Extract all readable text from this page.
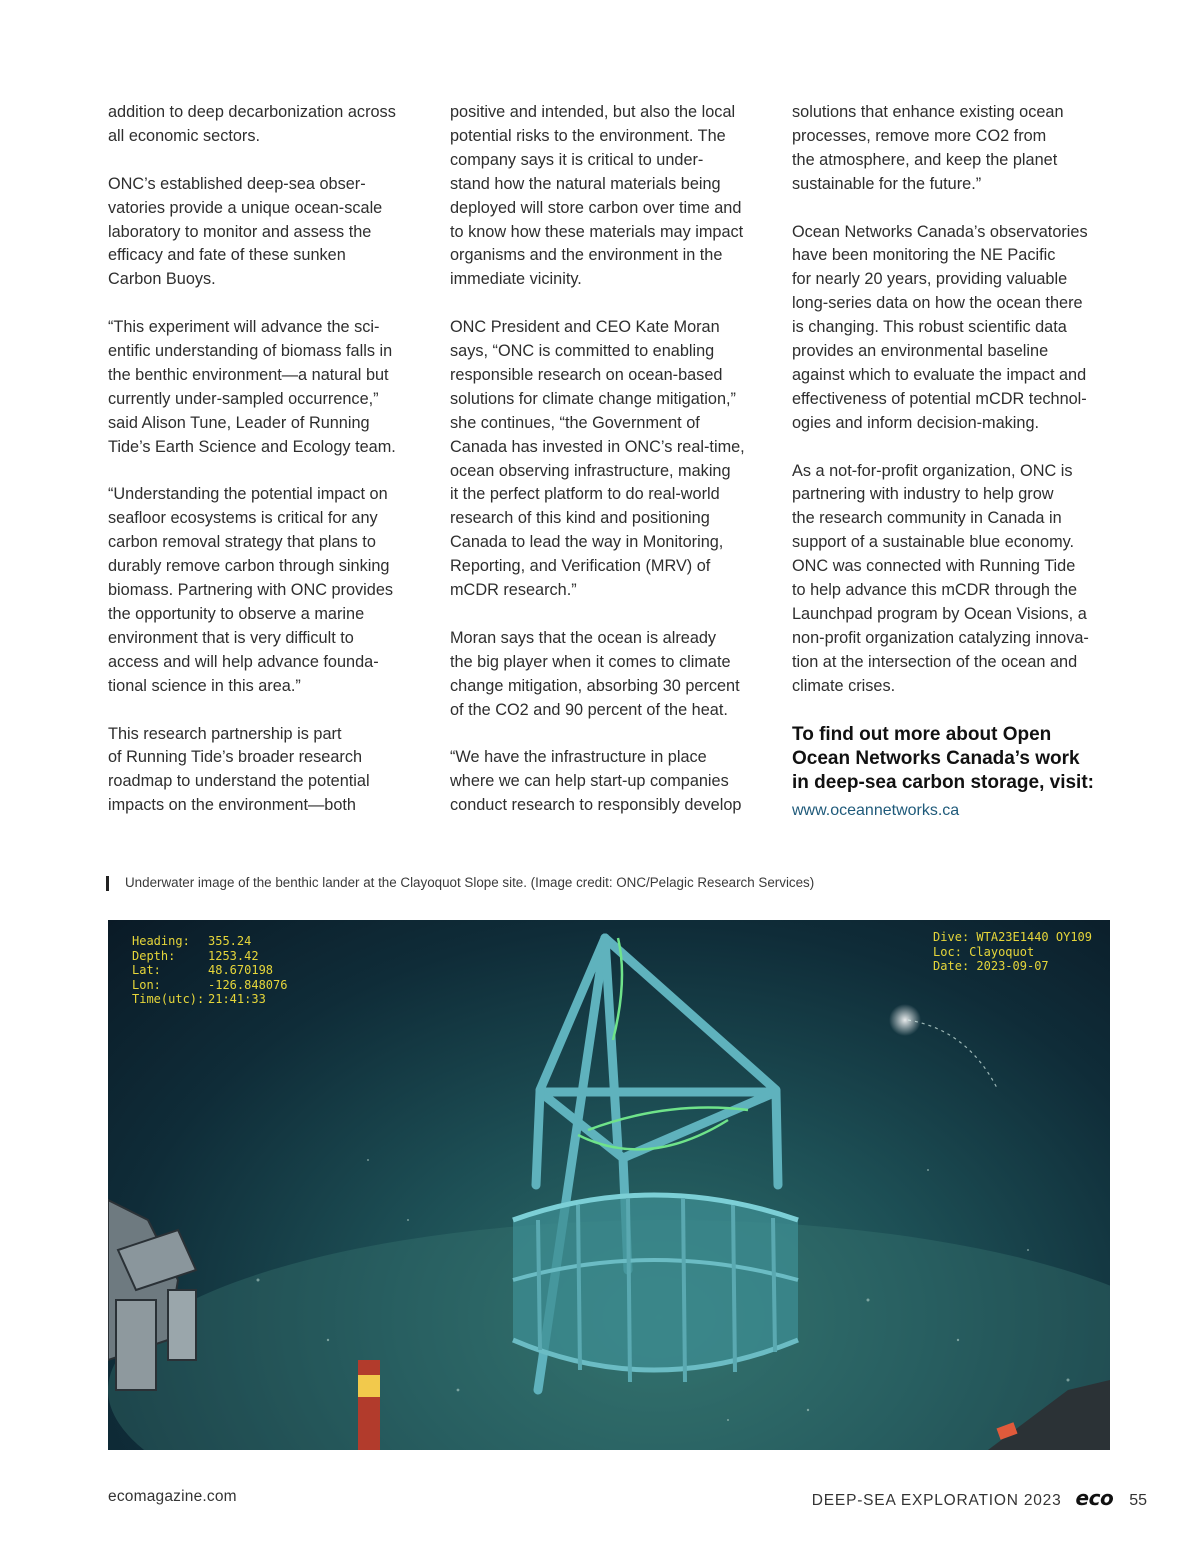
addition to deep decarbonization across
all economic sectors.

ONC’s established deep-sea obser-
vatories provide a unique ocean-scale
laboratory to monitor and assess the
efficacy and fate of these sunken
Carbon Buoys.

“This experiment will advance the sci-
entific understanding of biomass falls in
the benthic environment—a natural but
currently under-sampled occurrence,”
said Alison Tune, Leader of Running
Tide’s Earth Science and Ecology team.

“Understanding the potential impact on
seafloor ecosystems is critical for any
carbon removal strategy that plans to
durably remove carbon through sinking
biomass. Partnering with ONC provides
the opportunity to observe a marine
environment that is very difficult to
access and will help advance founda-
tional science in this area.”

This research partnership is part
of Running Tide’s broader research
roadmap to understand the potential
impacts on the environment—both

positive and intended, but also the local
potential risks to the environment. The
company says it is critical to under-
stand how the natural materials being
deployed will store carbon over time and
to know how these materials may impact
organisms and the environment in the
immediate vicinity.

ONC President and CEO Kate Moran
says, “ONC is committed to enabling
responsible research on ocean-based
solutions for climate change mitigation,”
she continues, “the Government of
Canada has invested in ONC’s real-time,
ocean observing infrastructure, making
it the perfect platform to do real-world
research of this kind and positioning
Canada to lead the way in Monitoring,
Reporting, and Verification (MRV) of
mCDR research.”

Moran says that the ocean is already
the big player when it comes to climate
change mitigation, absorbing 30 percent
of the CO2 and 90 percent of the heat.

“We have the infrastructure in place
where we can help start-up companies
conduct research to responsibly develop

solutions that enhance existing ocean
processes, remove more CO2 from
the atmosphere, and keep the planet
sustainable for the future.”

Ocean Networks Canada’s observatories
have been monitoring the NE Pacific
for nearly 20 years, providing valuable
long-series data on how the ocean there
is changing. This robust scientific data
provides an environmental baseline
against which to evaluate the impact and
effectiveness of potential mCDR technol-
ogies and inform decision-making.

As a not-for-profit organization, ONC is
partnering with industry to help grow
the research community in Canada in
support of a sustainable blue economy.
ONC was connected with Running Tide
to help advance this mCDR through the
Launchpad program by Ocean Visions, a
non-profit organization catalyzing innova-
tion at the intersection of the ocean and
climate crises.

To find out more about Open
Ocean Networks Canada’s work
in deep-sea carbon storage, visit:
www.oceannetworks.ca
Underwater image of the benthic lander at the Clayoquot Slope site. (Image credit: ONC/Pelagic Research Services)
Heading:	355.24
Depth:	1253.42
Lat:	48.670198
Lon:	-126.848076
Time(utc): 21:41:33
Dive: WTA23E1440 OY109
Loc: Clayoquot
Date: 2023-09-07
ecomagazine.com	DEEP-SEA EXPLORATION 2023 eco 55
